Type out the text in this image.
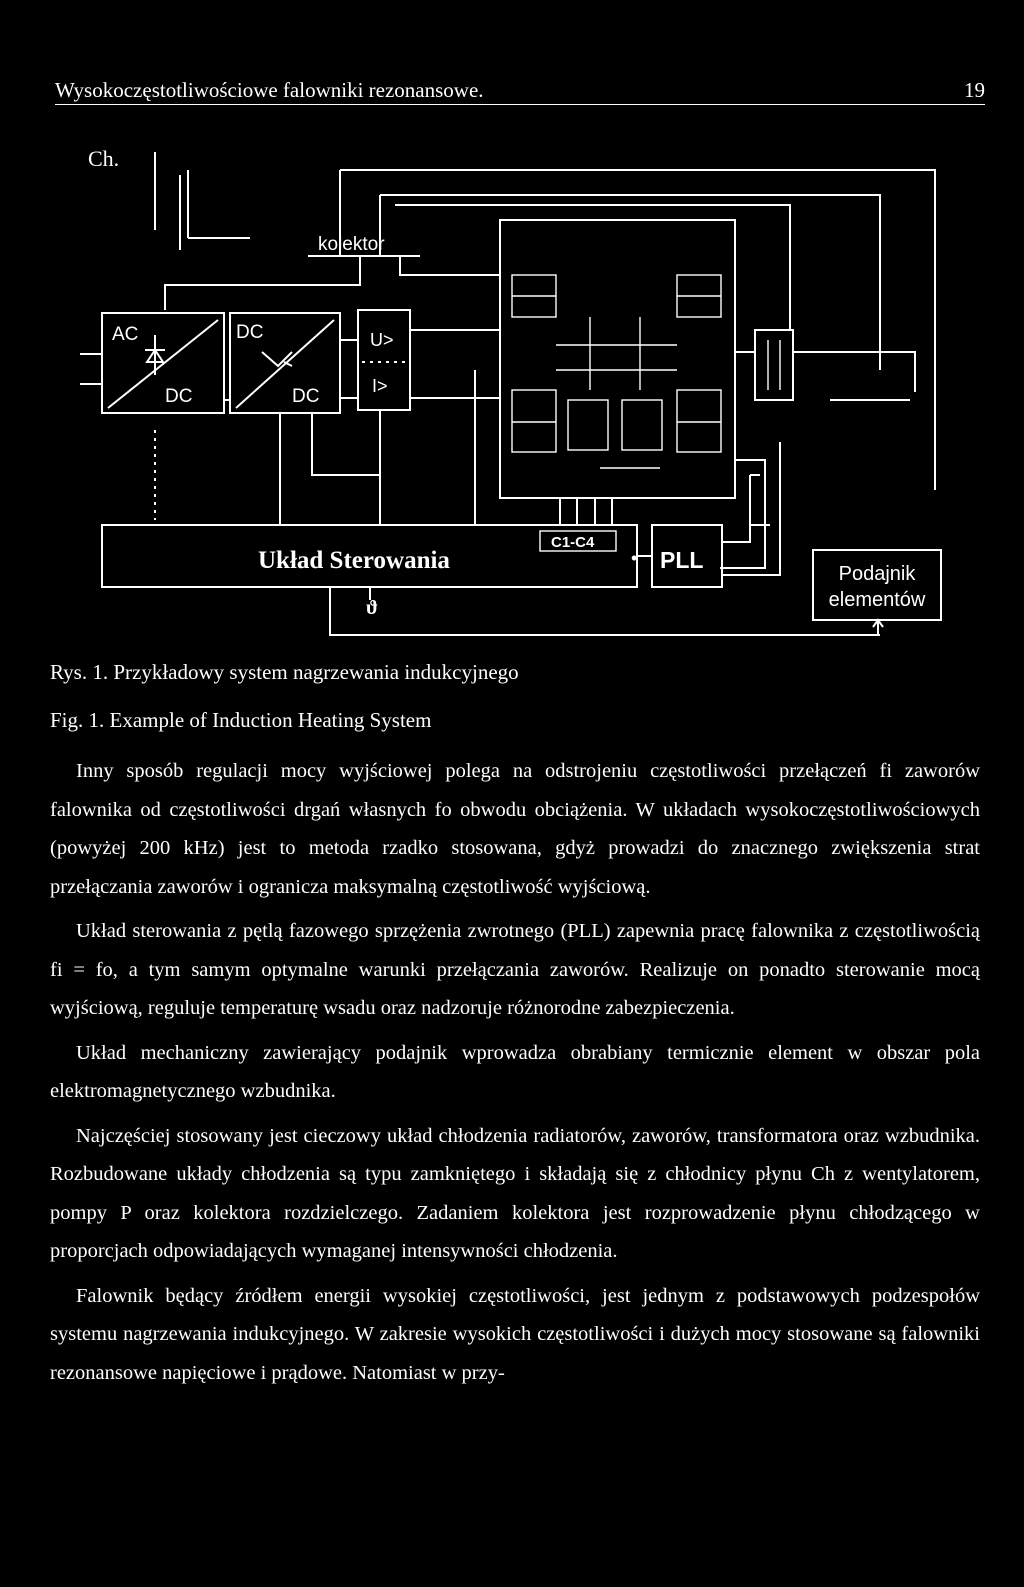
Wysokoczęstotliwościowe falowniki rezonansowe.	19
Ch.
kolektor
AC
DC
DC
DC
U>
I>
Układ Sterowania
C1-C4
• PLL
ϑ
Podajnik
elementów
Rys. 1. Przykładowy system nagrzewania indukcyjnego
Fig. 1. Example of Induction Heating System

Inny sposób regulacji mocy wyjściowej polega na odstrojeniu częstotliwości przełączeń fi zaworów falownika od częstotliwości drgań własnych fo obwodu obciążenia. W układach wysokoczęstotliwościowych (powyżej 200 kHz) jest to metoda rzadko stosowana, gdyż prowadzi do znacznego zwiększenia strat przełączania zaworów i ogranicza maksymalną częstotliwość wyjściową.

Układ sterowania z pętlą fazowego sprzężenia zwrotnego (PLL) zapewnia pracę falownika z częstotliwością fi = fo, a tym samym optymalne warunki przełączania zaworów. Realizuje on ponadto sterowanie mocą wyjściową, reguluje temperaturę wsadu oraz nadzoruje różnorodne zabezpieczenia.

Układ mechaniczny zawierający podajnik wprowadza obrabiany termicznie element w obszar pola elektromagnetycznego wzbudnika.

Najczęściej stosowany jest cieczowy układ chłodzenia radiatorów, zaworów, transformatora oraz wzbudnika. Rozbudowane układy chłodzenia są typu zamkniętego i składają się z chłodnicy płynu Ch z wentylatorem, pompy P oraz kolektora rozdzielczego. Zadaniem kolektora jest rozprowadzenie płynu chłodzącego w proporcjach odpowiadających wymaganej intensywności chłodzenia.

Falownik będący źródłem energii wysokiej częstotliwości, jest jednym z podstawowych podzespołów systemu nagrzewania indukcyjnego. W zakresie wysokich częstotliwości i dużych mocy stosowane są falowniki rezonansowe napięciowe i prądowe. Natomiast w przy-
